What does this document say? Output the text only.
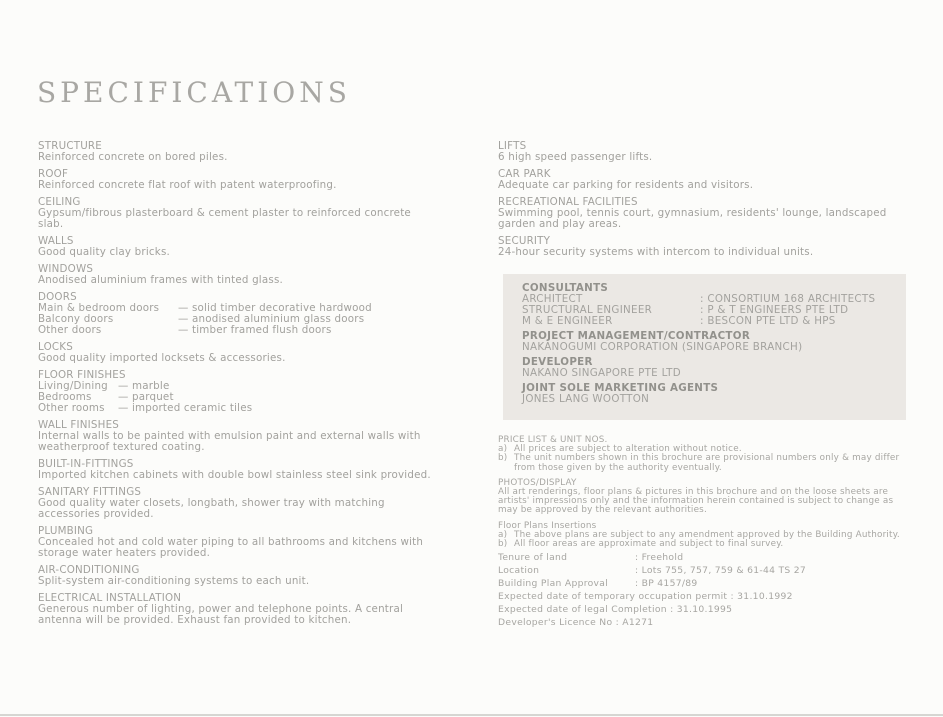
SPECIFICATIONS
STRUCTURE
Reinforced concrete on bored piles.
ROOF
Reinforced concrete flat roof with patent waterproofing.
CEILING
Gypsum/fibrous plasterboard & cement plaster to reinforced concrete
slab.
WALLS
Good quality clay bricks.
WINDOWS
Anodised aluminium frames with tinted glass.
DOORS
Main & bedroom doors	— solid timber decorative hardwood
Balcony doors	— anodised aluminium glass doors
Other doors	— timber framed flush doors
LOCKS
Good quality imported locksets & accessories.
FLOOR FINISHES
Living/Dining — marble
Bedrooms	— parquet
Other rooms	— imported ceramic tiles
WALL FINISHES
Internal walls to be painted with emulsion paint and external walls with
weatherproof textured coating.
BUILT-IN-FITTINGS
Imported kitchen cabinets with double bowl stainless steel sink provided.
SANITARY FITTINGS
Good quality water closets, longbath, shower tray with matching
accessories provided.
PLUMBING
Concealed hot and cold water piping to all bathrooms and kitchens with
storage water heaters provided.
AIR-CONDITIONING
Split-system air-conditioning systems to each unit.
ELECTRICAL INSTALLATION
Generous number of lighting, power and telephone points. A central
antenna will be provided. Exhaust fan provided to kitchen.
LIFTS
6 high speed passenger lifts.
CAR PARK
Adequate car parking for residents and visitors.
RECREATIONAL FACILITIES
Swimming pool, tennis court, gymnasium, residents' lounge, landscaped
garden and play areas.
SECURITY
24-hour security systems with intercom to individual units.
CONSULTANTS
ARCHITECT	: CONSORTIUM 168 ARCHITECTS
STRUCTURAL ENGINEER	: P & T ENGINEERS PTE LTD
M & E ENGINEER	: BESCON PTE LTD & HPS
PROJECT MANAGEMENT/CONTRACTOR
NAKANOGUMI CORPORATION (SINGAPORE BRANCH)
DEVELOPER
NAKANO SINGAPORE PTE LTD
JOINT SOLE MARKETING AGENTS
JONES LANG WOOTTON
PRICE LIST & UNIT NOS.
a) All prices are subject to alteration without notice.
b) The unit numbers shown in this brochure are provisional numbers only & may differ
from those given by the authority eventually.
PHOTOS/DISPLAY
All art renderings, floor plans & pictures in this brochure and on the loose sheets are
artists' impressions only and the information herein contained is subject to change as
may be approved by the relevant authorities.
Floor Plans Insertions
a) The above plans are subject to any amendment approved by the Building Authority.
b) All floor areas are approximate and subject to final survey.
Tenure of land	: Freehold
Location	: Lots 755, 757, 759 & 61-44 TS 27
Building Plan Approval	: BP 4157/89
Expected date of temporary occupation permit : 31.10.1992
Expected date of legal Completion : 31.10.1995
Developer's Licence No : A1271
